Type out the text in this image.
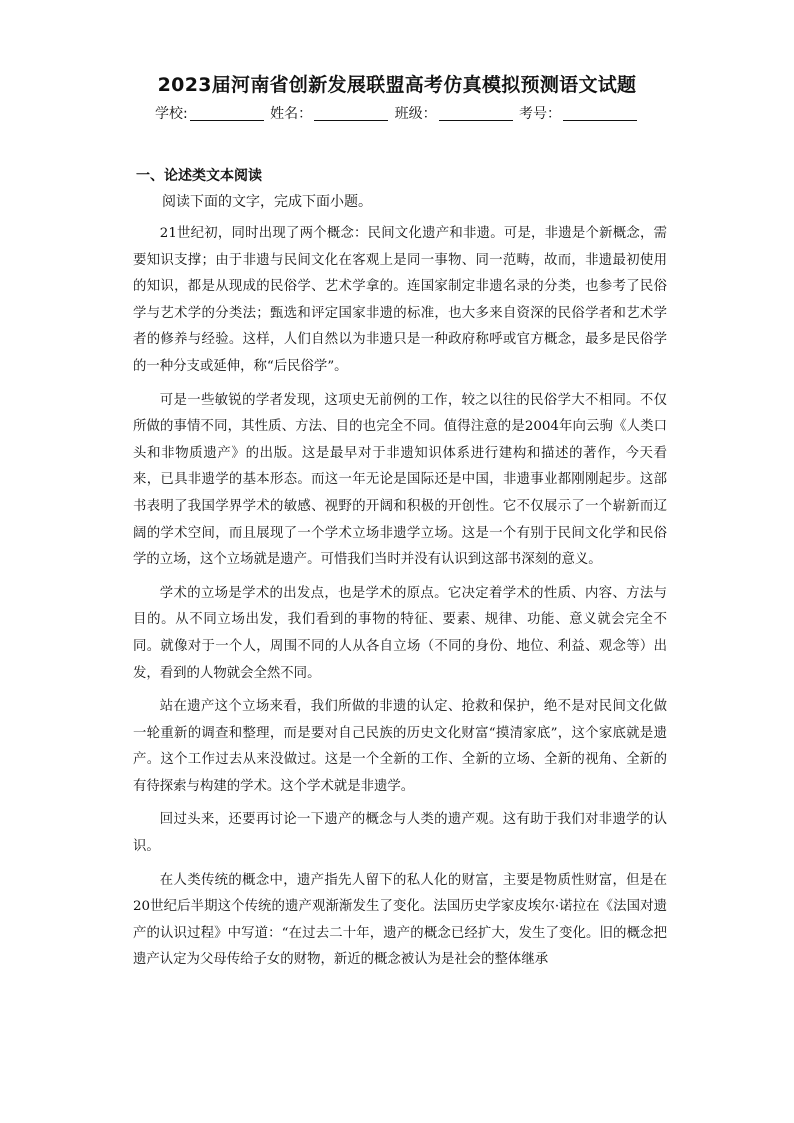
2023届河南省创新发展联盟高考仿真模拟预测语文试题
学校:	姓名：	班级：	考号：
一、论述类文本阅读
阅读下面的文字，完成下面小题。

21世纪初，同时出现了两个概念：民间文化遗产和非遗。可是，非遗是个新概念，需要知识支撑；由于非遗与民间文化在客观上是同一事物、同一范畴，故而，非遗最初使用的知识，都是从现成的民俗学、艺术学拿的。连国家制定非遗名录的分类，也参考了民俗学与艺术学的分类法；甄选和评定国家非遗的标准，也大多来自资深的民俗学者和艺术学者的修养与经验。这样，人们自然以为非遗只是一种政府称呼或官方概念，最多是民俗学的一种分支或延伸，称“后民俗学”。

可是一些敏锐的学者发现，这项史无前例的工作，较之以往的民俗学大不相同。不仅所做的事情不同，其性质、方法、目的也完全不同。值得注意的是2004年向云驹《人类口头和非物质遗产》的出版。这是最早对于非遗知识体系进行建构和描述的著作，今天看来，已具非遗学的基本形态。而这一年无论是国际还是中国，非遗事业都刚刚起步。这部书表明了我国学界学术的敏感、视野的开阔和积极的开创性。它不仅展示了一个崭新而辽阔的学术空间，而且展现了一个学术立场非遗学立场。这是一个有别于民间文化学和民俗学的立场，这个立场就是遗产。可惜我们当时并没有认识到这部书深刻的意义。

学术的立场是学术的出发点，也是学术的原点。它决定着学术的性质、内容、方法与目的。从不同立场出发，我们看到的事物的特征、要素、规律、功能、意义就会完全不同。就像对于一个人，周围不同的人从各自立场（不同的身份、地位、利益、观念等）出发，看到的人物就会全然不同。

站在遗产这个立场来看，我们所做的非遗的认定、抢救和保护，绝不是对民间文化做一轮重新的调查和整理，而是要对自己民族的历史文化财富“摸清家底”，这个家底就是遗产。这个工作过去从来没做过。这是一个全新的工作、全新的立场、全新的视角、全新的有待探索与构建的学术。这个学术就是非遗学。

回过头来，还要再讨论一下遗产的概念与人类的遗产观。这有助于我们对非遗学的认识。

在人类传统的概念中，遗产指先人留下的私人化的财富，主要是物质性财富，但是在20世纪后半期这个传统的遗产观渐渐发生了变化。法国历史学家皮埃尔·诺拉在《法国对遗产的认识过程》中写道：“在过去二十年，遗产的概念已经扩大，发生了变化。旧的概念把遗产认定为父母传给子女的财物，新近的概念被认为是社会的整体继承
